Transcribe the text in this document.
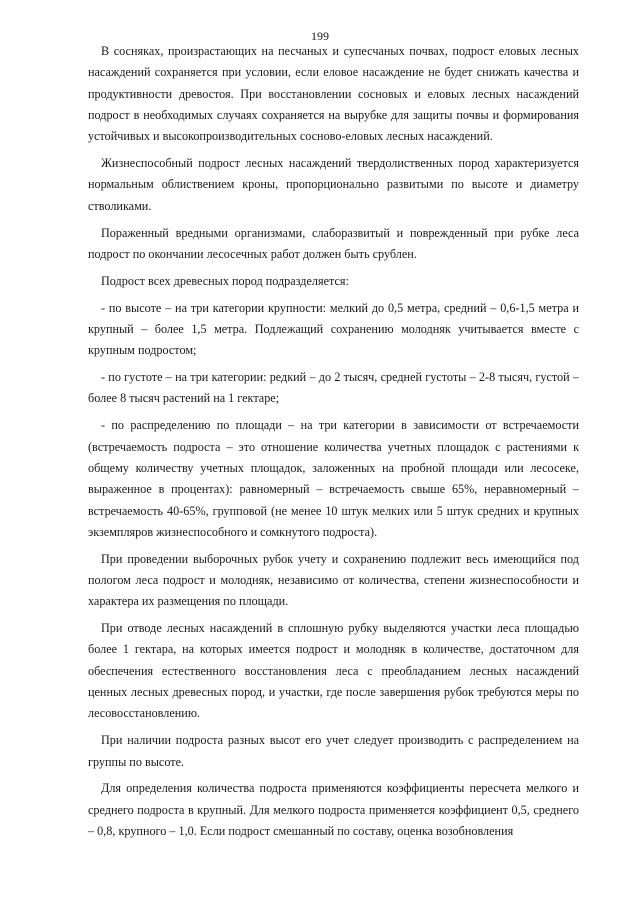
199

В сосняках, произрастающих на песчаных и супесчаных почвах, подрост еловых лесных насаждений сохраняется при условии, если еловое насаждение не будет снижать качества и продуктивности древостоя. При восстановлении сосновых и еловых лесных насаждений подрост в необходимых случаях сохраняется на вырубке для защиты почвы и формирования устойчивых и высокопроизводительных сосново-еловых лесных насаждений.

Жизнеспособный подрост лесных насаждений твердолиственных пород характеризуется нормальным облиствением кроны, пропорционально развитыми по высоте и диаметру стволиками.

Пораженный вредными организмами, слаборазвитый и поврежденный при рубке леса подрост по окончании лесосечных работ должен быть срублен.

Подрост всех древесных пород подразделяется:

- по высоте – на три категории крупности: мелкий до 0,5 метра, средний – 0,6-1,5 метра и крупный – более 1,5 метра. Подлежащий сохранению молодняк учитывается вместе с крупным подростом;

- по густоте – на три категории: редкий – до 2 тысяч, средней густоты – 2-8 тысяч, густой – более 8 тысяч растений на 1 гектаре;

- по распределению по площади – на три категории в зависимости от встречаемости (встречаемость подроста – это отношение количества учетных площадок с растениями к общему количеству учетных площадок, заложенных на пробной площади или лесосеке, выраженное в процентах): равномерный – встречаемость свыше 65%, неравномерный – встречаемость 40-65%, групповой (не менее 10 штук мелких или 5 штук средних и крупных экземпляров жизнеспособного и сомкнутого подроста).

При проведении выборочных рубок учету и сохранению подлежит весь имеющийся под пологом леса подрост и молодняк, независимо от количества, степени жизнеспособности и характера их размещения по площади.

При отводе лесных насаждений в сплошную рубку выделяются участки леса площадью более 1 гектара, на которых имеется подрост и молодняк в количестве, достаточном для обеспечения естественного восстановления леса с преобладанием лесных насаждений ценных лесных древесных пород, и участки, где после завершения рубок требуются меры по лесовосстановлению.

При наличии подроста разных высот его учет следует производить с распределением на группы по высоте.

Для определения количества подроста применяются коэффициенты пересчета мелкого и среднего подроста в крупный. Для мелкого подроста применяется коэффициент 0,5, среднего – 0,8, крупного – 1,0. Если подрост смешанный по составу, оценка возобновления
